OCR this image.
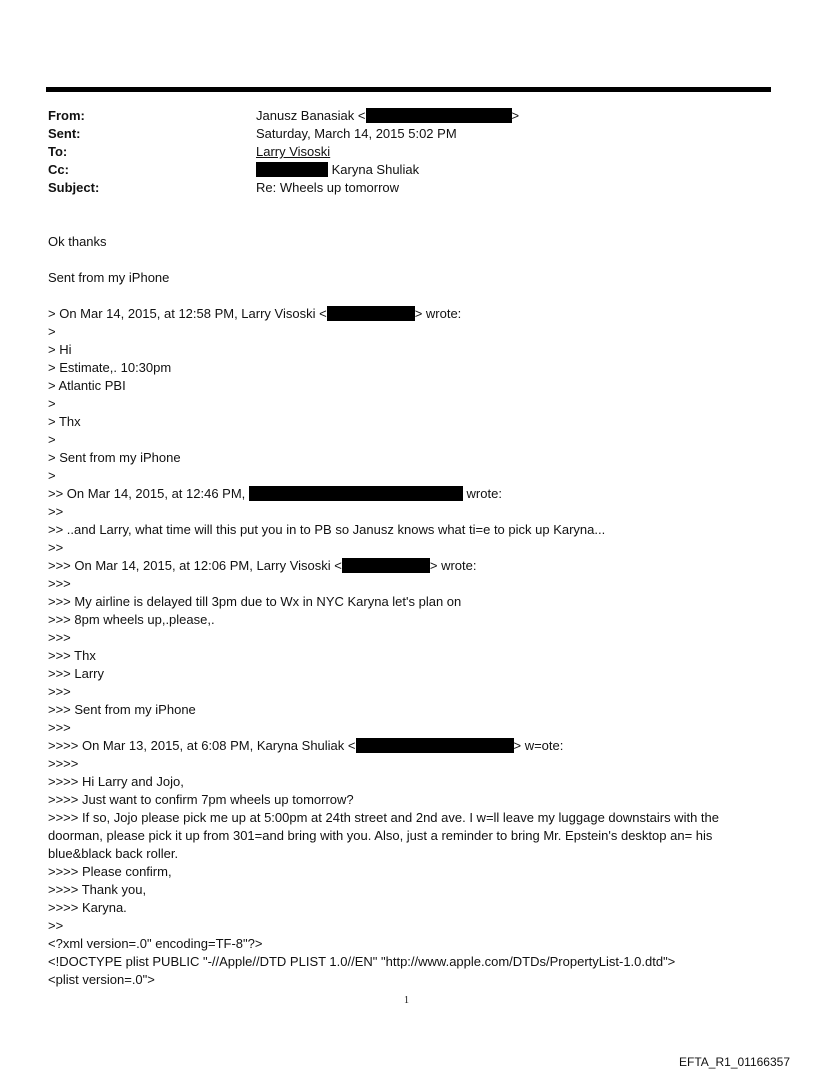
From:	Janusz Banasiak <	>
Sent:	Saturday, March 14, 2015 5:02 PM
To:	Larry Visoski
Cc:	Karyna Shuliak
Subject:	Re: Wheels up tomorrow
Ok thanks
Sent from my iPhone
> On Mar 14, 2015, at 12:58 PM, Larry Visoski <	> wrote:
>
> Hi
> Estimate,. 10:30pm
> Atlantic PBI
>
> Thx
>
> Sent from my iPhone
>
>> On Mar 14, 2015, at 12:46 PM,	wrote:
>>
>> ..and Larry, what time will this put you in to PB so Janusz knows what ti=e to pick up Karyna...
>>
>>> On Mar 14, 2015, at 12:06 PM, Larry Visoski <	> wrote:
>>>
>>> My airline is delayed till 3pm due to Wx in NYC Karyna let's plan on
>>> 8pm wheels up,.please,.
>>>
>>> Thx
>>> Larry
>>>
>>> Sent from my iPhone
>>>
>>>> On Mar 13, 2015, at 6:08 PM, Karyna Shuliak <	> w=ote:
>>>>
>>>> Hi Larry and Jojo,
>>>> Just want to confirm 7pm wheels up tomorrow?
>>>> If so, Jojo please pick me up at 5:00pm at 24th street and 2nd ave. I w=ll leave my luggage downstairs with the
doorman, please pick it up from 301=and bring with you. Also, just a reminder to bring Mr. Epstein's desktop an= his
blue&black back roller.
>>>> Please confirm,
>>>> Thank you,
>>>> Karyna.
>>
<?xml version=.0" encoding=TF-8"?>
<!DOCTYPE plist PUBLIC "-//Apple//DTD PLIST 1.0//EN" "http://www.apple.com/DTDs/PropertyList-1.0.dtd">
<plist version=.0">
1
EFTA_R1_01166357
